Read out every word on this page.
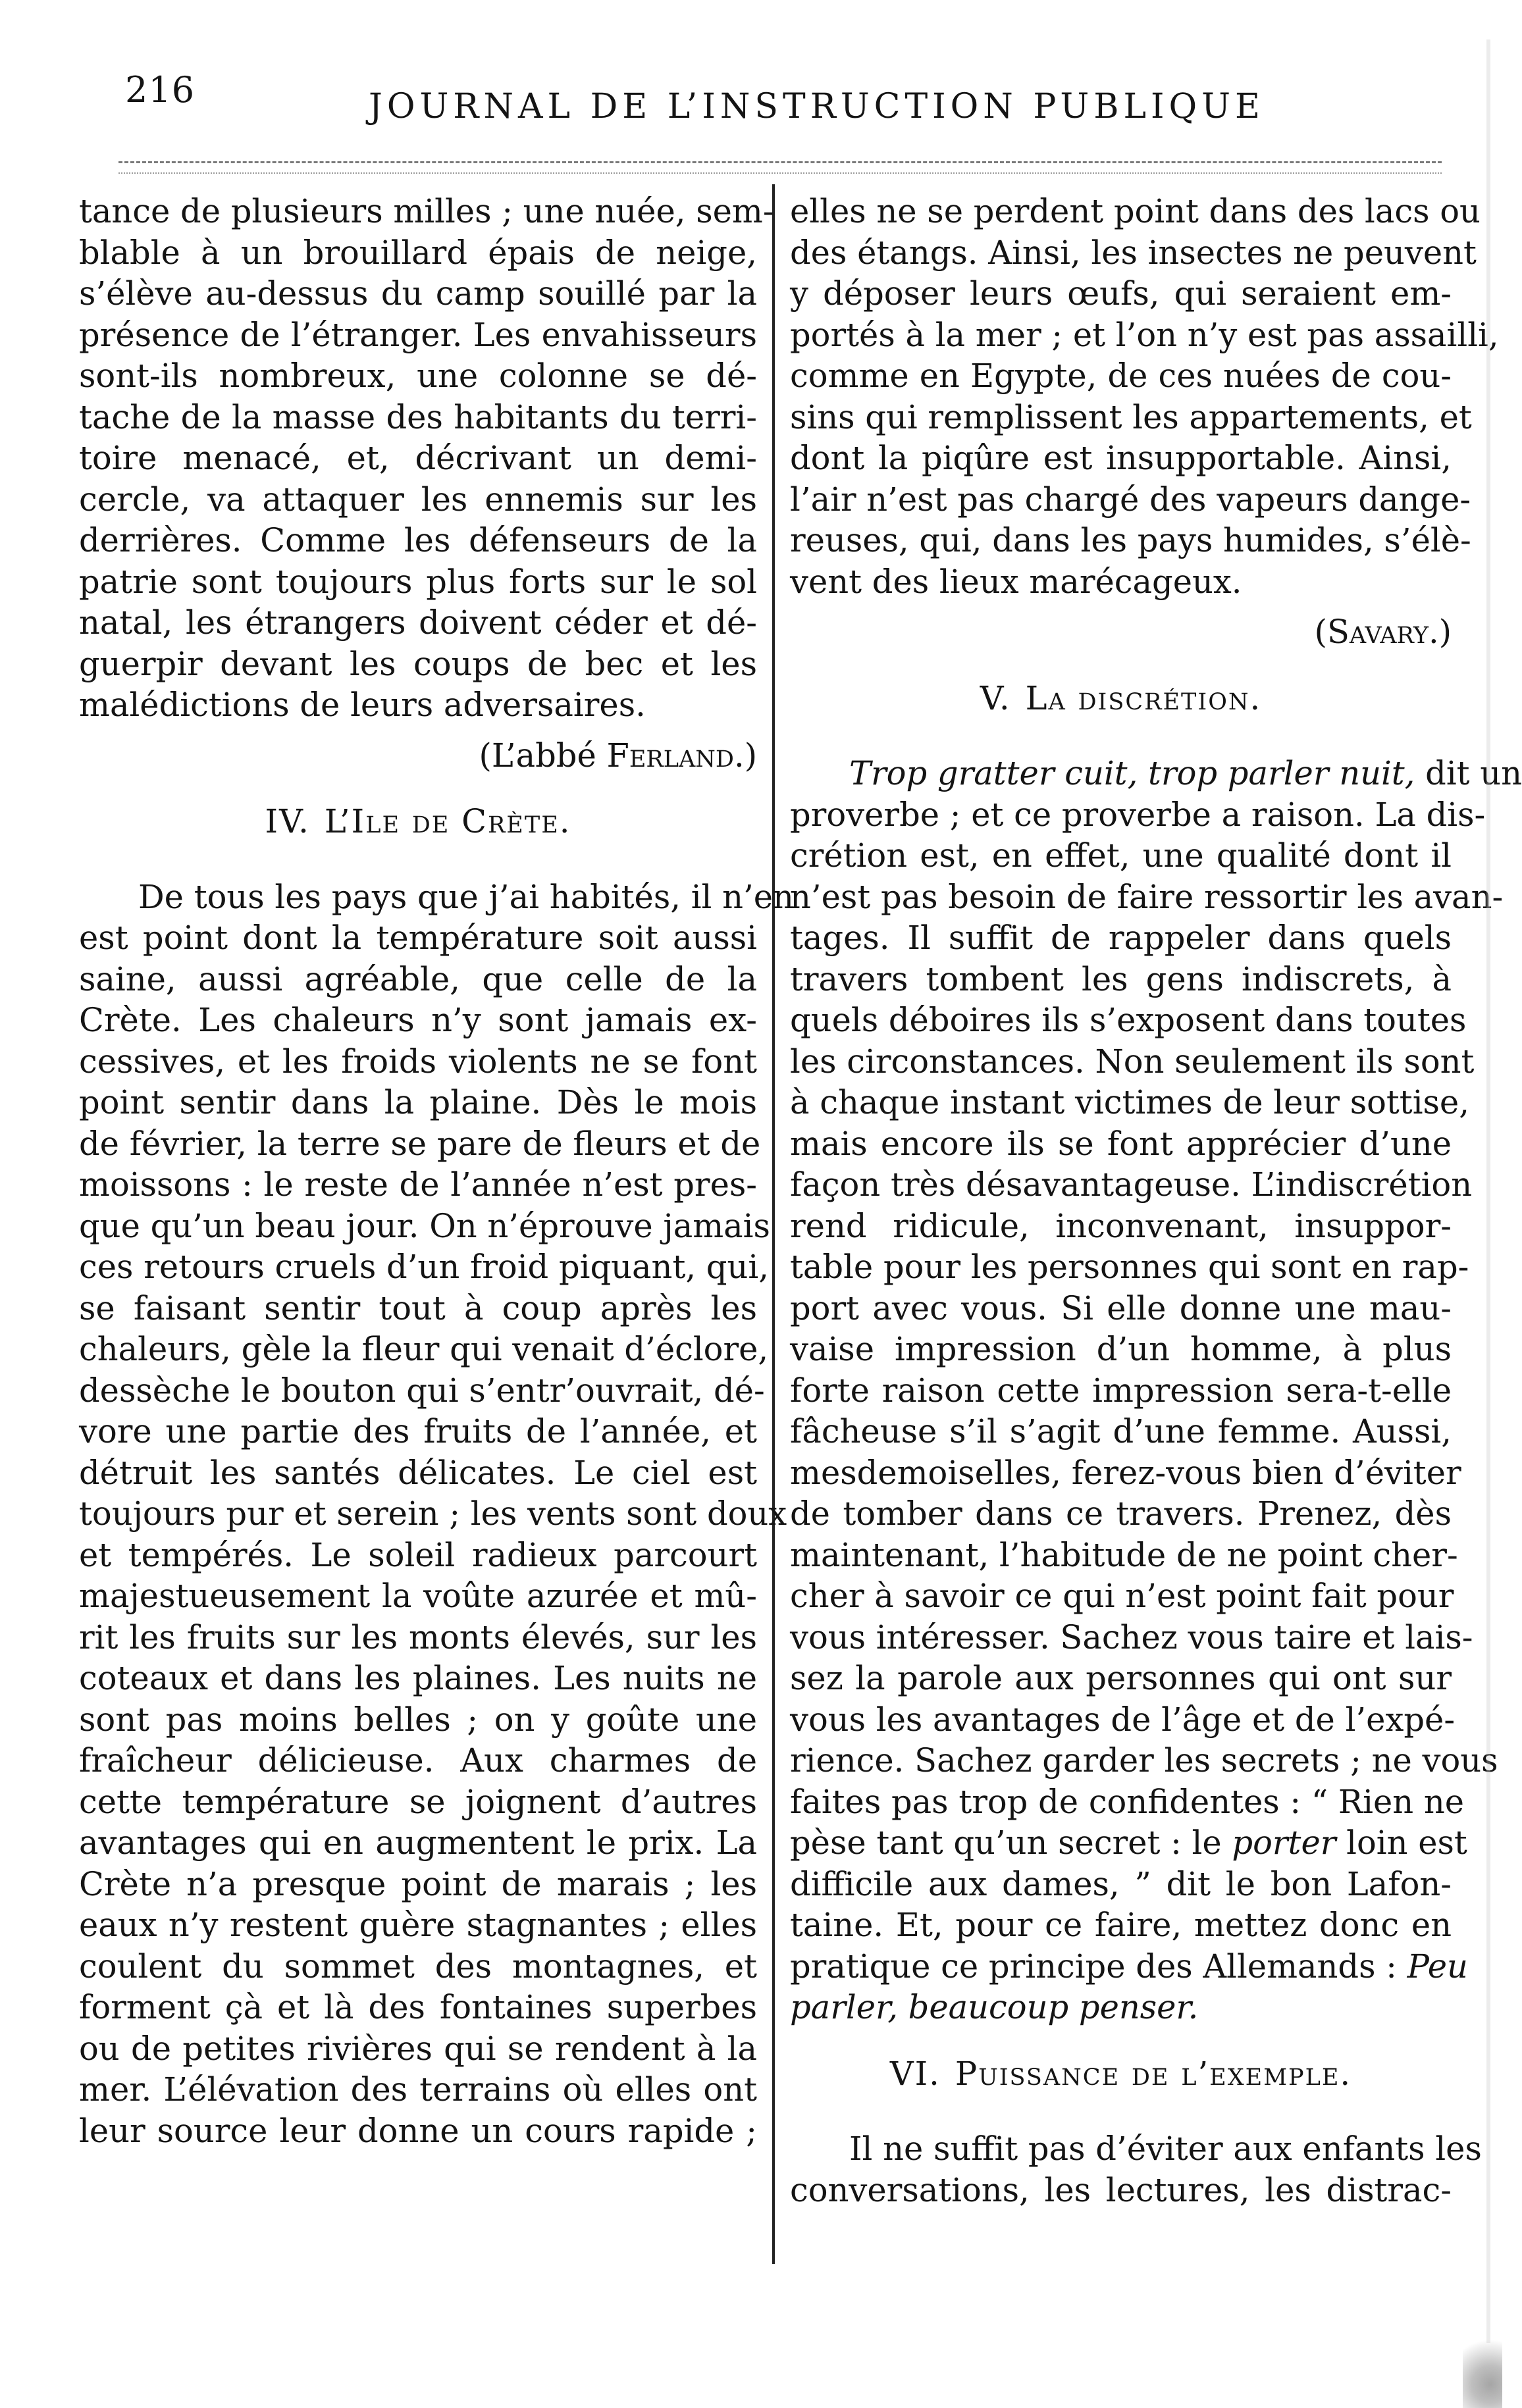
216	JOURNAL DE L’INSTRUCTION PUBLIQUE
tance de plusieurs milles ; une nuée, sem-
blable à un brouillard épais de neige,
s’élève au-dessus du camp souillé par la
présence de l’étranger. Les envahisseurs
sont-ils nombreux, une colonne se dé-
tache de la masse des habitants du terri-
toire menacé, et, décrivant un demi-
cercle, va attaquer les ennemis sur les
derrières. Comme les défenseurs de la
patrie sont toujours plus forts sur le sol
natal, les étrangers doivent céder et dé-
guerpir devant les coups de bec et les
malédictions de leurs adversaires.
(L’abbé Ferland.)
IV. L’Ile de Crète.
De tous les pays que j’ai habités, il n’en
est point dont la température soit aussi
saine, aussi agréable, que celle de la
Crète. Les chaleurs n’y sont jamais ex-
cessives, et les froids violents ne se font
point sentir dans la plaine. Dès le mois
de février, la terre se pare de fleurs et de
moissons : le reste de l’année n’est pres-
que qu’un beau jour. On n’éprouve jamais
ces retours cruels d’un froid piquant, qui,
se faisant sentir tout à coup après les
chaleurs, gèle la fleur qui venait d’éclore,
dessèche le bouton qui s’entr’ouvrait, dé-
vore une partie des fruits de l’année, et
détruit les santés délicates. Le ciel est
toujours pur et serein ; les vents sont doux
et tempérés. Le soleil radieux parcourt
majestueusement la voûte azurée et mû-
rit les fruits sur les monts élevés, sur les
coteaux et dans les plaines. Les nuits ne
sont pas moins belles ; on y goûte une
fraîcheur délicieuse. Aux charmes de
cette température se joignent d’autres
avantages qui en augmentent le prix. La
Crète n’a presque point de marais ; les
eaux n’y restent guère stagnantes ; elles
coulent du sommet des montagnes, et
forment çà et là des fontaines superbes
ou de petites rivières qui se rendent à la
mer. L’élévation des terrains où elles ont
leur source leur donne un cours rapide ;
elles ne se perdent point dans des lacs ou
des étangs. Ainsi, les insectes ne peuvent
y déposer leurs œufs, qui seraient em-
portés à la mer ; et l’on n’y est pas assailli,
comme en Egypte, de ces nuées de cou-
sins qui remplissent les appartements, et
dont la piqûre est insupportable. Ainsi,
l’air n’est pas chargé des vapeurs dange-
reuses, qui, dans les pays humides, s’élè-
vent des lieux marécageux.
(Savary.)
V. La discrétion.
Trop gratter cuit, trop parler nuit, dit un
proverbe ; et ce proverbe a raison. La dis-
crétion est, en effet, une qualité dont il
n’est pas besoin de faire ressortir les avan-
tages. Il suffit de rappeler dans quels
travers tombent les gens indiscrets, à
quels déboires ils s’exposent dans toutes
les circonstances. Non seulement ils sont
à chaque instant victimes de leur sottise,
mais encore ils se font apprécier d’une
façon très désavantageuse. L’indiscrétion
rend ridicule, inconvenant, insuppor-
table pour les personnes qui sont en rap-
port avec vous. Si elle donne une mau-
vaise impression d’un homme, à plus
forte raison cette impression sera-t-elle
fâcheuse s’il s’agit d’une femme. Aussi,
mesdemoiselles, ferez-vous bien d’éviter
de tomber dans ce travers. Prenez, dès
maintenant, l’habitude de ne point cher-
cher à savoir ce qui n’est point fait pour
vous intéresser. Sachez vous taire et lais-
sez la parole aux personnes qui ont sur
vous les avantages de l’âge et de l’expé-
rience. Sachez garder les secrets ; ne vous
faites pas trop de confidentes : “ Rien ne
pèse tant qu’un secret : le porter loin est
difficile aux dames, ” dit le bon Lafon-
taine. Et, pour ce faire, mettez donc en
pratique ce principe des Allemands : Peu
parler, beaucoup penser.
VI. Puissance de l’exemple.
Il ne suffit pas d’éviter aux enfants les
conversations, les lectures, les distrac-
